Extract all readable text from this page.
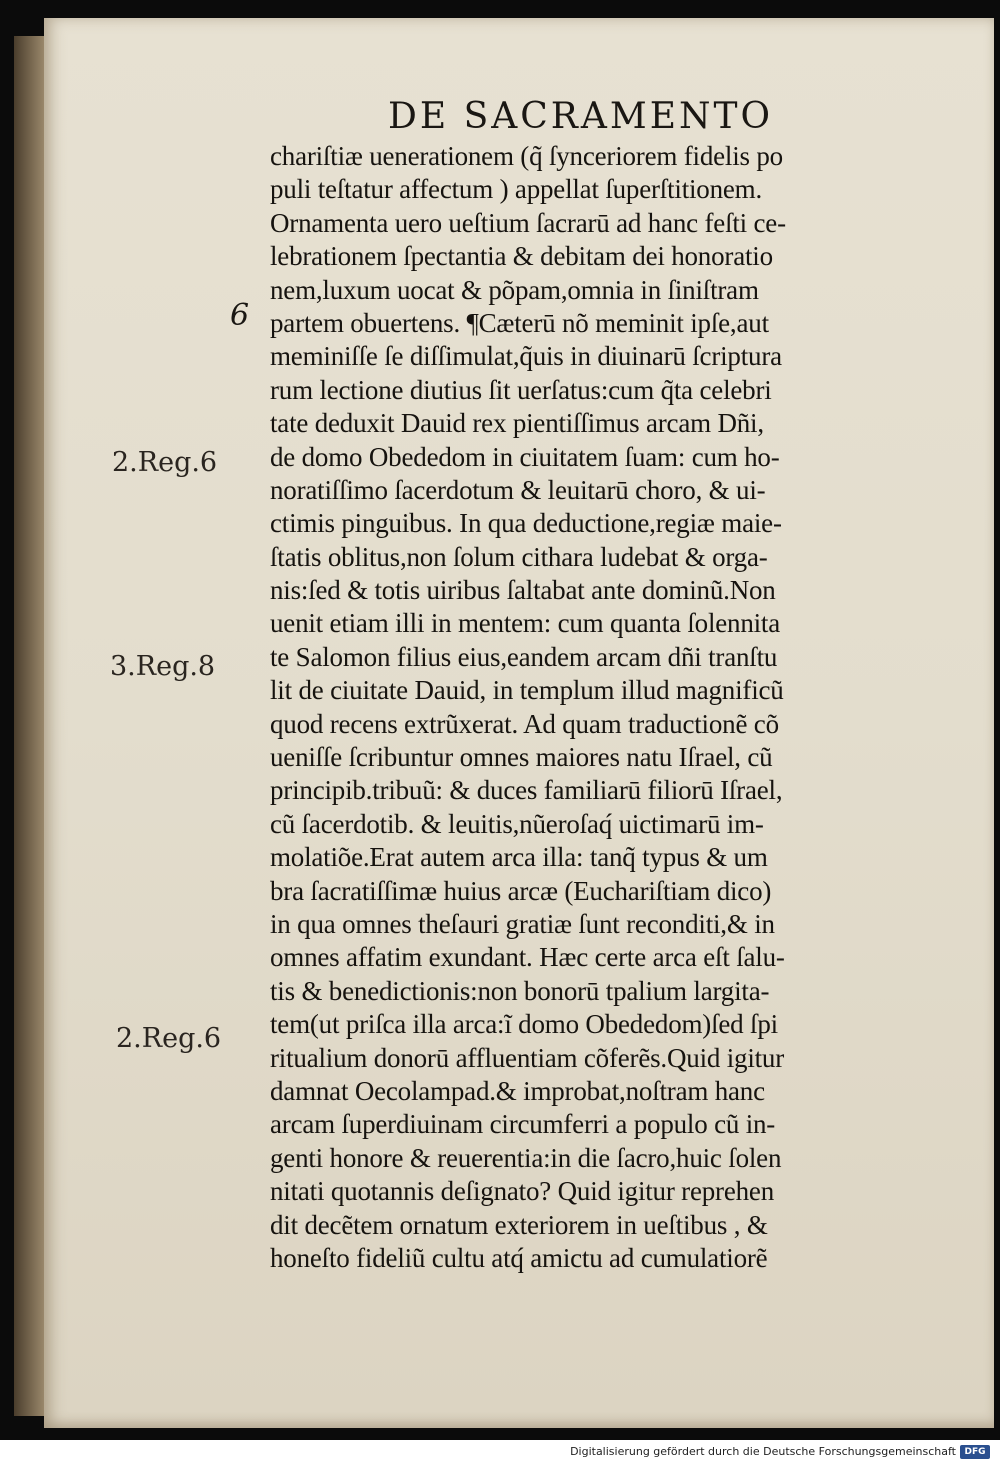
DE SACRAMENTO
6
2.Reg.6
3.Reg.8
2.Reg.6
chariſtiæ uenerationem (q̃ ſynceriorem fidelis po
puli teſtatur affectum ) appellat ſuperſtitionem.
Ornamenta uero ueſtium ſacrarū ad hanc feſti ce-
lebrationem ſpectantia & debitam dei honoratio
nem,luxum uocat & põpam,omnia in ſiniſtram
partem obuertens. ¶Cæterū nõ meminit ipſe,aut
meminiſſe ſe diſſimulat,q̃uis in diuinarū ſcriptura
rum lectione diutius ſit uerſatus:cum q̃ta celebri
tate deduxit Dauid rex pientiſſimus arcam Dñi,
de domo Obededom in ciuitatem ſuam: cum ho-
noratiſſimo ſacerdotum & leuitarū choro, & ui-
ctimis pinguibus. In qua deductione,regiæ maie-
ſtatis oblitus,non ſolum cithara ludebat & orga-
nis:ſed & totis uiribus ſaltabat ante dominũ.Non
uenit etiam illi in mentem: cum quanta ſolennita
te Salomon filius eius,eandem arcam dñi tranſtu
lit de ciuitate Dauid, in templum illud magnificũ
quod recens extrũxerat. Ad quam traductionẽ cõ
ueniſſe ſcribuntur omnes maiores natu Iſrael, cũ
principib.tribuũ: & duces familiarū filiorū Iſrael,
cũ ſacerdotib. & leuitis,nũeroſaq́ uictimarū im-
molatiõe.Erat autem arca illa: tanq̃ typus & um
bra ſacratiſſimæ huius arcæ (Euchariſtiam dico)
in qua omnes theſauri gratiæ ſunt reconditi,& in
omnes affatim exundant. Hæc certe arca eſt ſalu-
tis & benedictionis:non bonorū tpalium largita-
tem(ut priſca illa arca:ĩ domo Obededom)ſed ſpi
ritualium donorū affluentiam cõferẽs.Quid igitur
damnat Oecolampad.& improbat,noſtram hanc
arcam ſuperdiuinam circumferri a populo cũ in-
genti honore & reuerentia:in die ſacro,huic ſolen
nitati quotannis deſignato? Quid igitur reprehen
dit decẽtem ornatum exteriorem in ueſtibus , &
honeſto fideliũ cultu atq́ amictu ad cumulatiorẽ
Digitalisierung gefördert durch die Deutsche Forschungsgemeinschaft DFG
